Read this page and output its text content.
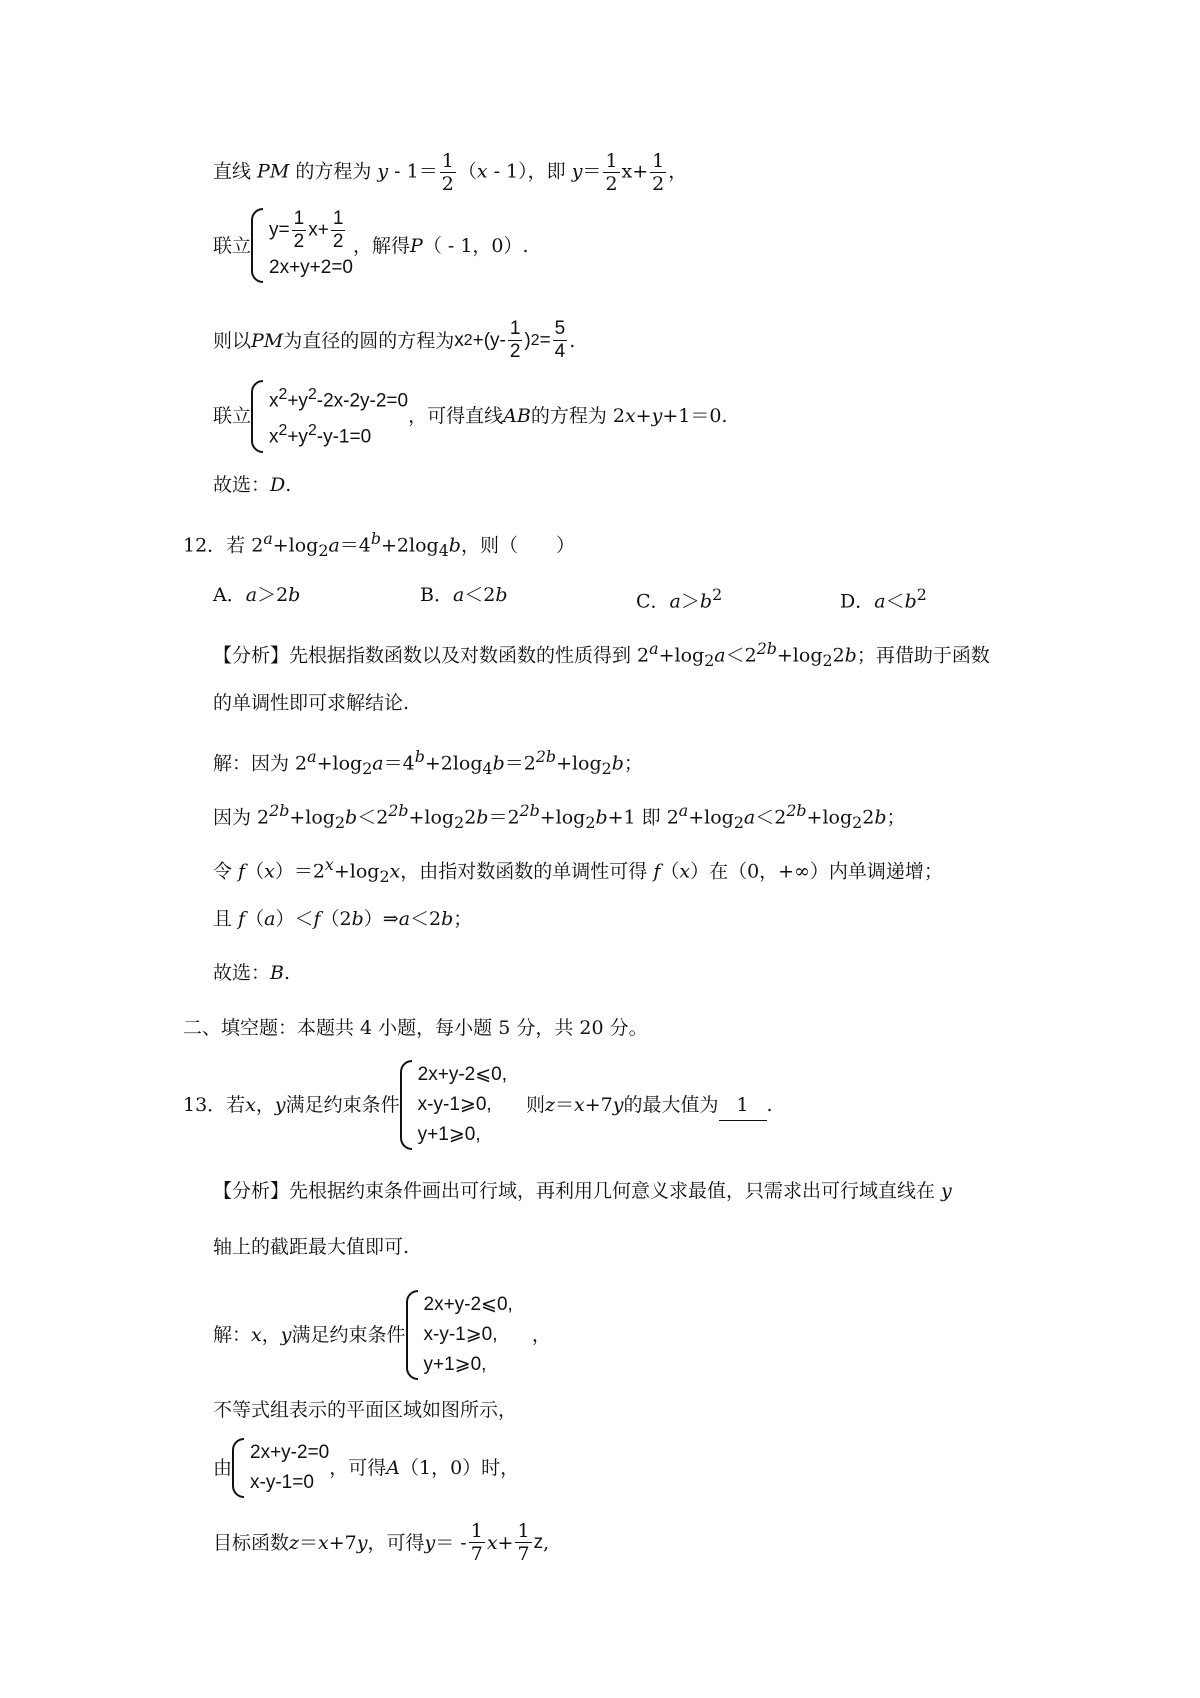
直线 PM 的方程为 $y - 1= \frac{1}{2} (x - 1)$，即 $y= \frac{1}{2} x+ \frac{1}{2}$ ，
联立
$y= \frac{1}{2} x+ \frac{1}{2}$
2x+y+2=0
，解得 P （ - 1，0）.
则以 PM 为直径的圆的方程为 x $2 +(y- \frac{1}{2}$ ) $2 = \frac{5}{4}$ .
联立
$x^2+y^2-2x-2y-2=0$
$x^2+y^2-y-1=0$
，可得直线 AB 的方程为 2 x + y +1＝0.
故选：D.
12．若 $2^a+\log_2a=4^b+2\log_4b$，则（　　）
A．a＞2b	B．a＜2b	C．$a>b^2$	D．$a<b^2$
【分析】先根据指数函数以及对数函数的性质得到 $2^a+\log_2a<2^{2b}+\log_22b$；再借助于函数
的单调性即可求解结论.
解：因为 $2^a+\log_2a=4^b+2\log_4b=2^{2b}+\log_2b$；
因为 $2^{2b}+\log_2b<2^{2b}+\log_22b=2^{2b}+\log_2b+1$ 即 $2^a+\log_2a<2^{2b}+\log_22b$；
令 $f(x)=2^x+\log_2x$，由指对数函数的单调性可得 f（x）在（0，+∞）内单调递增；
且 f（a）＜f（2b）⇒a＜2b；
故选：B.
二、填空题：本题共 4 小题，每小题 5 分，共 20 分。
13．若 x ， y 满足约束条件
2x+y-2⩽0,
x-y-1⩾0,
y+1⩾0,
　则 z ＝ x +7 y 的最大值为 1 .
【分析】先根据约束条件画出可行域，再利用几何意义求最值，只需求出可行域直线在 y
轴上的截距最大值即可.
解： x ， y 满足约束条件
2x+y-2⩽0,
x-y-1⩾0,
y+1⩾0,
　，
不等式组表示的平面区域如图所示，
由
2x+y-2=0
x-y-1=0
，可得 A （1，0）时，
目标函数 z ＝ x +7 y ，可得 y ＝ - $\frac{1}{7}$ $x + \frac{1}{7}$ z ,
